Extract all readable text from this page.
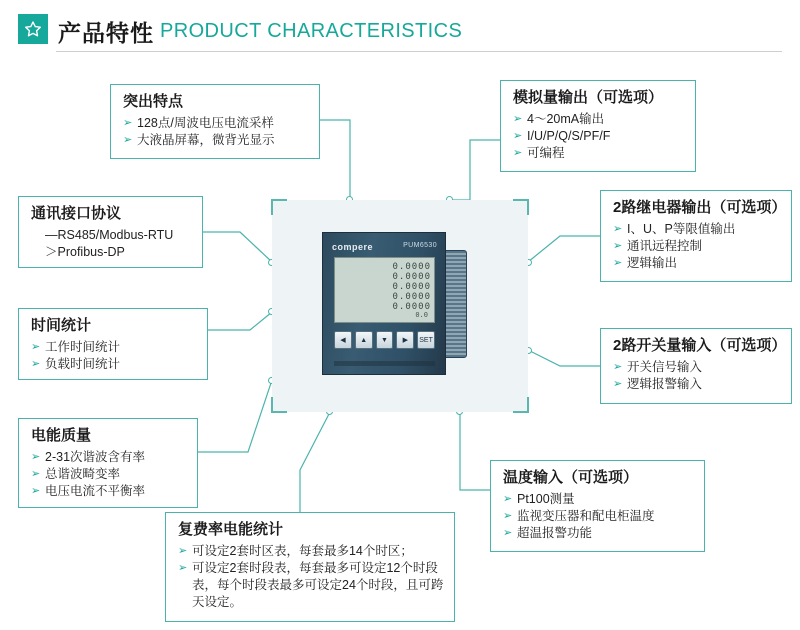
产品特性 PRODUCT CHARACTERISTICS
compere	PUM6530
0.0000
0.0000
0.0000
0.0000
0.0000
0.0
◀	▲	▼	▶	SET
突出特点
➢ 128点/周波电压电流采样
➢ 大液晶屏幕，微背光显示
通讯接口协议
—RS485/Modbus-RTU
＞Profibus-DP
时间统计
➢ 工作时间统计
➢ 负载时间统计
电能质量
➢ 2-31次谐波含有率
➢ 总谐波畸变率
➢ 电压电流不平衡率
复费率电能统计
➢ 可设定2套时区表，每套最多14个时区；
➢ 可设定2套时段表，每套最多可设定12个时段表，每个时段表最多可设定24个时段，且可跨天设定。
模拟量输出（可选项）
➢ 4～20mA输出
➢ I/U/P/Q/S/PF/F
➢ 可编程
2路继电器输出（可选项）
➢ I、U、P等限值输出
➢ 通讯远程控制
➢ 逻辑输出
2路开关量输入（可选项）
➢ 开关信号输入
➢ 逻辑报警输入
温度输入（可选项）
➢ Pt100测量
➢ 监视变压器和配电柜温度
➢ 超温报警功能
